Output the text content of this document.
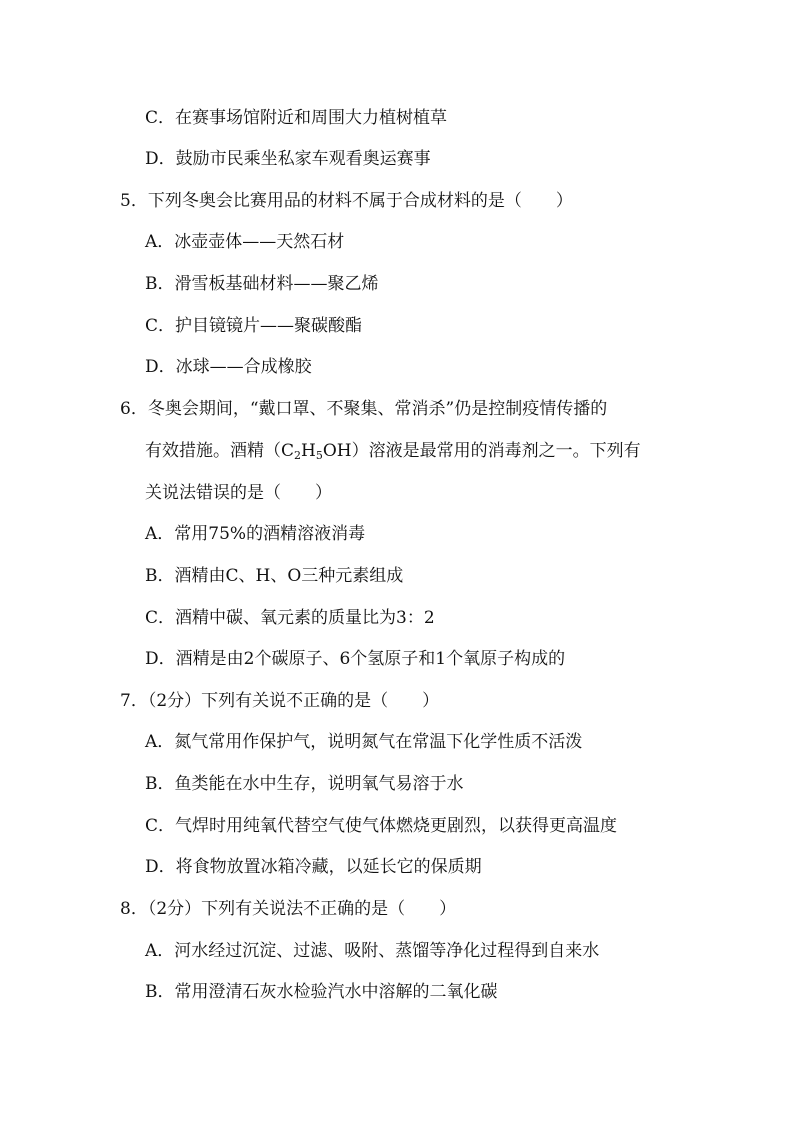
C．在赛事场馆附近和周围大力植树植草
D．鼓励市民乘坐私家车观看奥运赛事
5．下列冬奥会比赛用品的材料不属于合成材料的是（　　）
A．冰壶壶体——天然石材
B．滑雪板基础材料——聚乙烯
C．护目镜镜片——聚碳酸酯
D．冰球——合成橡胶
6．冬奥会期间，“戴口罩、不聚集、常消杀”仍是控制疫情传播的
有效措施。酒精$(C_2H_5OH)$溶液是最常用的消毒剂之一。下列有
关说法错误的是（　　）
A．常用75%的酒精溶液消毒
B．酒精由C、H、O三种元素组成
C．酒精中碳、氧元素的质量比为3：2
D．酒精是由2个碳原子、6个氢原子和1个氧原子构成的
7．（2分）下列有关说不正确的是（　　）
A．氮气常用作保护气，说明氮气在常温下化学性质不活泼
B．鱼类能在水中生存，说明氧气易溶于水
C．气焊时用纯氧代替空气使气体燃烧更剧烈，以获得更高温度
D．将食物放置冰箱冷藏，以延长它的保质期
8．（2分）下列有关说法不正确的是（　　）
A．河水经过沉淀、过滤、吸附、蒸馏等净化过程得到自来水
B．常用澄清石灰水检验汽水中溶解的二氧化碳
